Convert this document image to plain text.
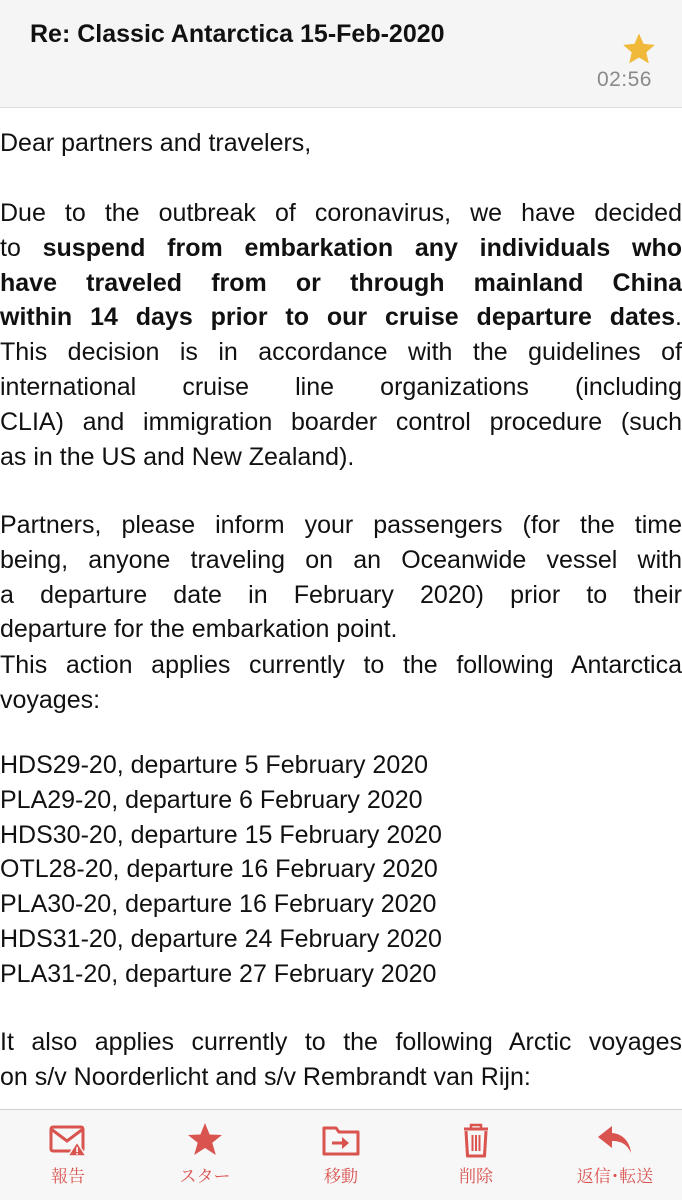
Re: Classic Antarctica 15-Feb-2020
02:56
Dear partners and travelers,
Due to the outbreak of coronavirus, we have decided
to suspend from embarkation any individuals who
have traveled from or through mainland China
within 14 days prior to our cruise departure dates.
This decision is in accordance with the guidelines of
international cruise line organizations (including
CLIA) and immigration boarder control procedure (such
as in the US and New Zealand).
Partners, please inform your passengers (for the time
being, anyone traveling on an Oceanwide vessel with
a departure date in February 2020) prior to their
departure for the embarkation point.
This action applies currently to the following Antarctica
voyages:
HDS29-20, departure 5 February 2020
PLA29-20, departure 6 February 2020
HDS30-20, departure 15 February 2020
OTL28-20, departure 16 February 2020
PLA30-20, departure 16 February 2020
HDS31-20, departure 24 February 2020
PLA31-20, departure 27 February 2020
It also applies currently to the following Arctic voyages
on s/v Noorderlicht and s/v Rembrandt van Rijn:
報告	スター	移動	削除	返信･転送
